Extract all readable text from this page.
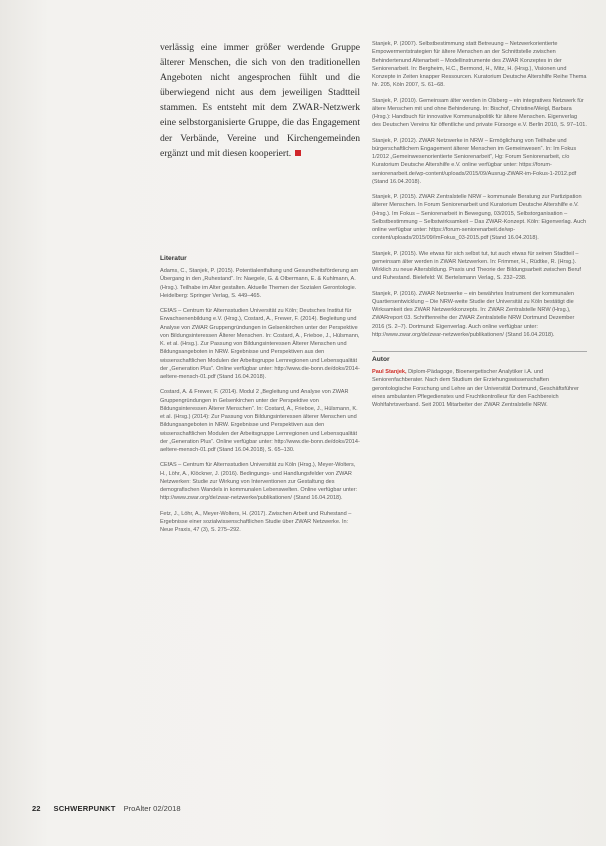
verlässig eine immer größer werdende Gruppe älterer Menschen, die sich von den traditionellen Angeboten nicht angesprochen fühlt und die überwiegend nicht aus dem jeweiligen Stadtteil stammen. Es entsteht mit dem ZWAR-Netzwerk eine selbstorganisierte Gruppe, die das Engagement der Verbände, Vereine und Kirchengemeinden ergänzt und mit diesen kooperiert.

Literatur

Adams, C., Stanjek, P. (2015). Potentialentfaltung und Gesundheitsförderung am Übergang in den „Ruhestand“. In: Naegele, G. & Olbermann, E. & Kuhlmann, A. (Hrsg.). Teilhabe im Alter gestalten. Aktuelle Themen der Sozialen Gerontologie. Heidelberg: Springer Verlag, S. 449–465.

CEfAS – Centrum für Alternsstudien Universität zu Köln; Deutsches Institut für Erwachsenenbildung e.V. (Hrsg.), Costard, A., Frewer, F. (2014). Begleitung und Analyse von ZWAR Gruppengründungen in Gelsenkirchen unter der Perspektive von Bildungsinteressen Älterer Menschen. In: Costard, A., Frieboe, J., Hülsmann, K. et al. (Hrsg.). Zur Passung von Bildungsinteressen Älterer Menschen und Bildungsangeboten in NRW. Ergebnisse und Perspektiven aus den wissenschaftlichen Modulen der Arbeitsgruppe Lernregionen und Lebensqualität der „Generation Plus“. Online verfügbar unter: http://www.die-bonn.de/doks/2014-aeltere-mensch-01.pdf (Stand 16.04.2018).

Costard, A. & Frewer, F. (2014). Modul 2 „Begleitung und Analyse von ZWAR Gruppengründungen in Gelsenkirchen unter der Perspektive von Bildungsinteressen Älterer Menschen“. In: Costard, A., Frieboe, J., Hülsmann, K. et al. (Hrsg.) (2014): Zur Passung von Bildungsinteressen älterer Menschen und Bildungsangeboten in NRW. Ergebnisse und Perspektiven aus den wissenschaftlichen Modulen der Arbeitsgruppe Lernregionen und Lebensqualität der „Generation Plus“. Online verfügbar unter: http://www.die-bonn.de/doks/2014-aeltere-mensch-01.pdf (Stand 16.04.2018), S. 65–130.

CEfAS – Centrum für Alternsstudien Universität zu Köln (Hrsg.), Meyer-Wolters, H., Löhr, A., Klöckner, J. (2016). Bedingungs- und Handlungsfelder von ZWAR Netzwerken: Studie zur Wirkung von Interventionen zur Gestaltung des demografischen Wandels in kommunalen Lebenswelten. Online verfügbar unter: http://www.zwar.org/de/zwar-netzwerke/publikationen/ (Stand 16.04.2018).

Fetz, J., Löhr, A., Meyer-Wolters, H. (2017). Zwischen Arbeit und Ruhestand – Ergebnisse einer sozialwissenschaftlichen Studie über ZWAR Netzwerke. In: Neue Praxis, 47 (3), S. 275–292.

Stanjek, P. (2007). Selbstbestimmung statt Betreuung – Netzwerkorientierte Empowermentstrategien für ältere Menschen an der Schnittstelle zwischen Behindertenund Altenarbeit – Modellinstrumente des ZWAR Konzeptes in der Seniorenarbeit. In: Bergheim, H.C., Bermond, H., Mitz, H. (Hrsg.), Visionen und Konzepte in Zeiten knapper Ressourcen. Kuratorium Deutsche Altershilfe Reihe Thema Nr. 205, Köln 2007, S. 61–68.

Stanjek, P. (2010). Gemeinsam älter werden in Olsberg – ein integratives Netzwerk für ältere Menschen mit und ohne Behinderung. In: Bischof, Christine/Weigl, Barbara (Hrsg.): Handbuch für innovative Kommunalpolitik für ältere Menschen. Eigenverlag des Deutschen Vereins für öffentliche und private Fürsorge e.V. Berlin 2010, S. 97–101.

Stanjek, P. (2012). ZWAR Netzwerke in NRW – Ermöglichung von Teilhabe und bürgerschaftlichem Engagement älterer Menschen im Gemeinwesen“. In: Im Fokus 1/2012 „Gemeinwesenorientierte Seniorenarbeit“, Hg: Forum Seniorenarbeit, c/o Kuratorium Deutsche Altershilfe e.V. online verfügbar unter: https://forum-seniorenarbeit.de/wp-content/uploads/2015/09/Ausrug-ZWAR-im-Fokus-1-2012.pdf (Stand 16.04.2018).

Stanjek, P. (2015). ZWAR Zentralstelle NRW – kommunale Beratung zur Partizipation älterer Menschen. In Forum Seniorenarbeit und Kuratorium Deutsche Altershilfe e.V. (Hrsg.). Im Fokus – Seniorenarbeit in Bewegung, 03/2015, Selbstorganisation – Selbstbestimmung – Selbstwirksamkeit – Das ZWAR-Konzept. Köln: Eigenverlag. Auch online verfügbar unter: https://forum-seniorenarbeit.de/wp-content/uploads/2015/09/ImFokus_03-2015.pdf (Stand 16.04.2018).

Stanjek, P. (2015). Wie etwas für sich selbst tut, tut auch etwas für seinen Stadtteil – gemeinsam älter werden in ZWAR Netzwerken. In: Frimmer, H., Rüdtke, R. (Hrsg.). Wirklich zu neue Altersbildung. Praxis und Theorie der Bildungsarbeit zwischen Beruf und Ruhestand. Bielefeld: W. Bertelsmann Verlag, S. 232–238.

Stanjek, P. (2016). ZWAR Netzwerke – ein bewährtes Instrument der kommunalen Quartiersentwicklung – Die NRW-weite Studie der Universität zu Köln bestätigt die Wirksamkeit des ZWAR Netzwerkkonzepts. In: ZWAR Zentralstelle NRW (Hrsg.), ZWARreport 03. Schriftenreihe der ZWAR Zentralstelle NRW Dortmund Dezember 2016 (S. 2–7). Dortmund: Eigenverlag. Auch online verfügbar unter: http://www.zwar.org/de/zwar-netzwerke/publikationen/ (Stand 16.04.2018).

Autor

Paul Stanjek, Diplom-Pädagoge, Bioenergetischer Analytiker i.A. und Seniorenfachberater. Nach dem Studium der Erziehungswissenschaften gerontologische Forschung und Lehre an der Universität Dortmund, Geschäftsführer eines ambulanten Pflegedienstes und Fruchtkontrolleur für den Fachbereich Wohlfahrtsverband. Seit 2001 Mitarbeiter der ZWAR Zentralstelle NRW.

22 SCHWERPUNKT ProAlter 02/2018
